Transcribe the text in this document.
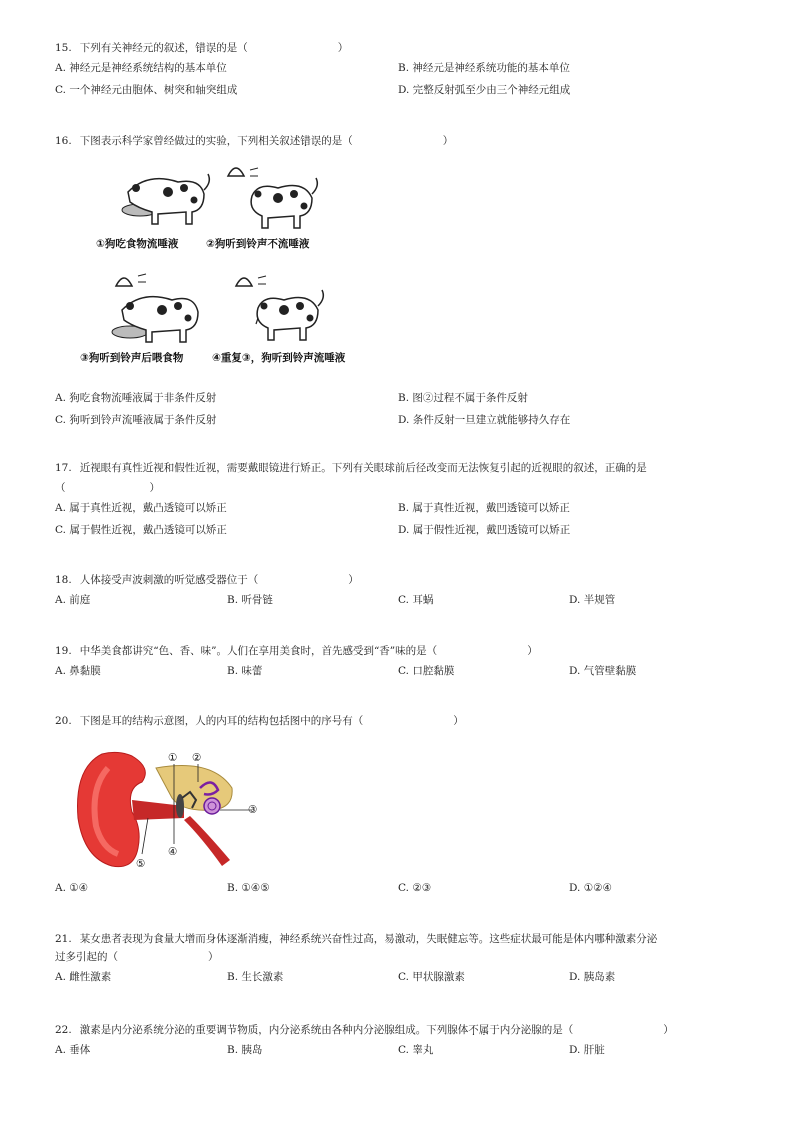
15. 下列有关神经元的叙述，错误的是（　　　　　　　　	）
A. 神经元是神经系统结构的基本单位	B. 神经元是神经系统功能的基本单位
C. 一个神经元由胞体、树突和轴突组成	D. 完整反射弧至少由三个神经元组成
16. 下图表示科学家曾经做过的实验，下列相关叙述错误的是（　　　　　　　　	）
①狗吃食物流唾液	②狗听到铃声不流唾液
③狗听到铃声后喂食物	④重复③，狗听到铃声流唾液
A. 狗吃食物流唾液属于非条件反射	B. 图②过程不属于条件反射
C. 狗听到铃声流唾液属于条件反射	D. 条件反射一旦建立就能够持久存在
17. 近视眼有真性近视和假性近视，需要戴眼镜进行矫正。下列有关眼球前后径改变而无法恢复引起的近视眼的叙述，正确的是
（　　　　　　　　）
A. 属于真性近视，戴凸透镜可以矫正	B. 属于真性近视，戴凹透镜可以矫正
C. 属于假性近视，戴凸透镜可以矫正	D. 属于假性近视，戴凹透镜可以矫正
18. 人体接受声波刺激的听觉感受器位于（　　　　　　　　	）
A. 前庭	B. 听骨链	C. 耳蜗	D. 半规管
19. 中华美食都讲究“色、香、味”。人们在享用美食时，首先感受到“香”味的是（　　　　　　　　	）
A. 鼻黏膜	B. 味蕾	C. 口腔黏膜	D. 气管壁黏膜
20. 下图是耳的结构示意图，人的内耳的结构包括图中的序号有（　　　　　　　　	）
① ②
③
④
⑤
A. ①④	B. ①④⑤	C. ②③	D. ①②④
21. 某女患者表现为食量大增而身体逐渐消瘦，神经系统兴奋性过高，易激动，失眠健忘等。这些症状最可能是体内哪种激素分泌
过多引起的（　　　　　　　　	）
A. 雌性激素	B. 生长激素	C. 甲状腺激素	D. 胰岛素
22. 激素是内分泌系统分泌的重要调节物质，内分泌系统由各种内分泌腺组成。下列腺体不属于内分泌腺的是（　　　　　　　　	）
A. 垂体	B. 胰岛	C. 睾丸	D. 肝脏
